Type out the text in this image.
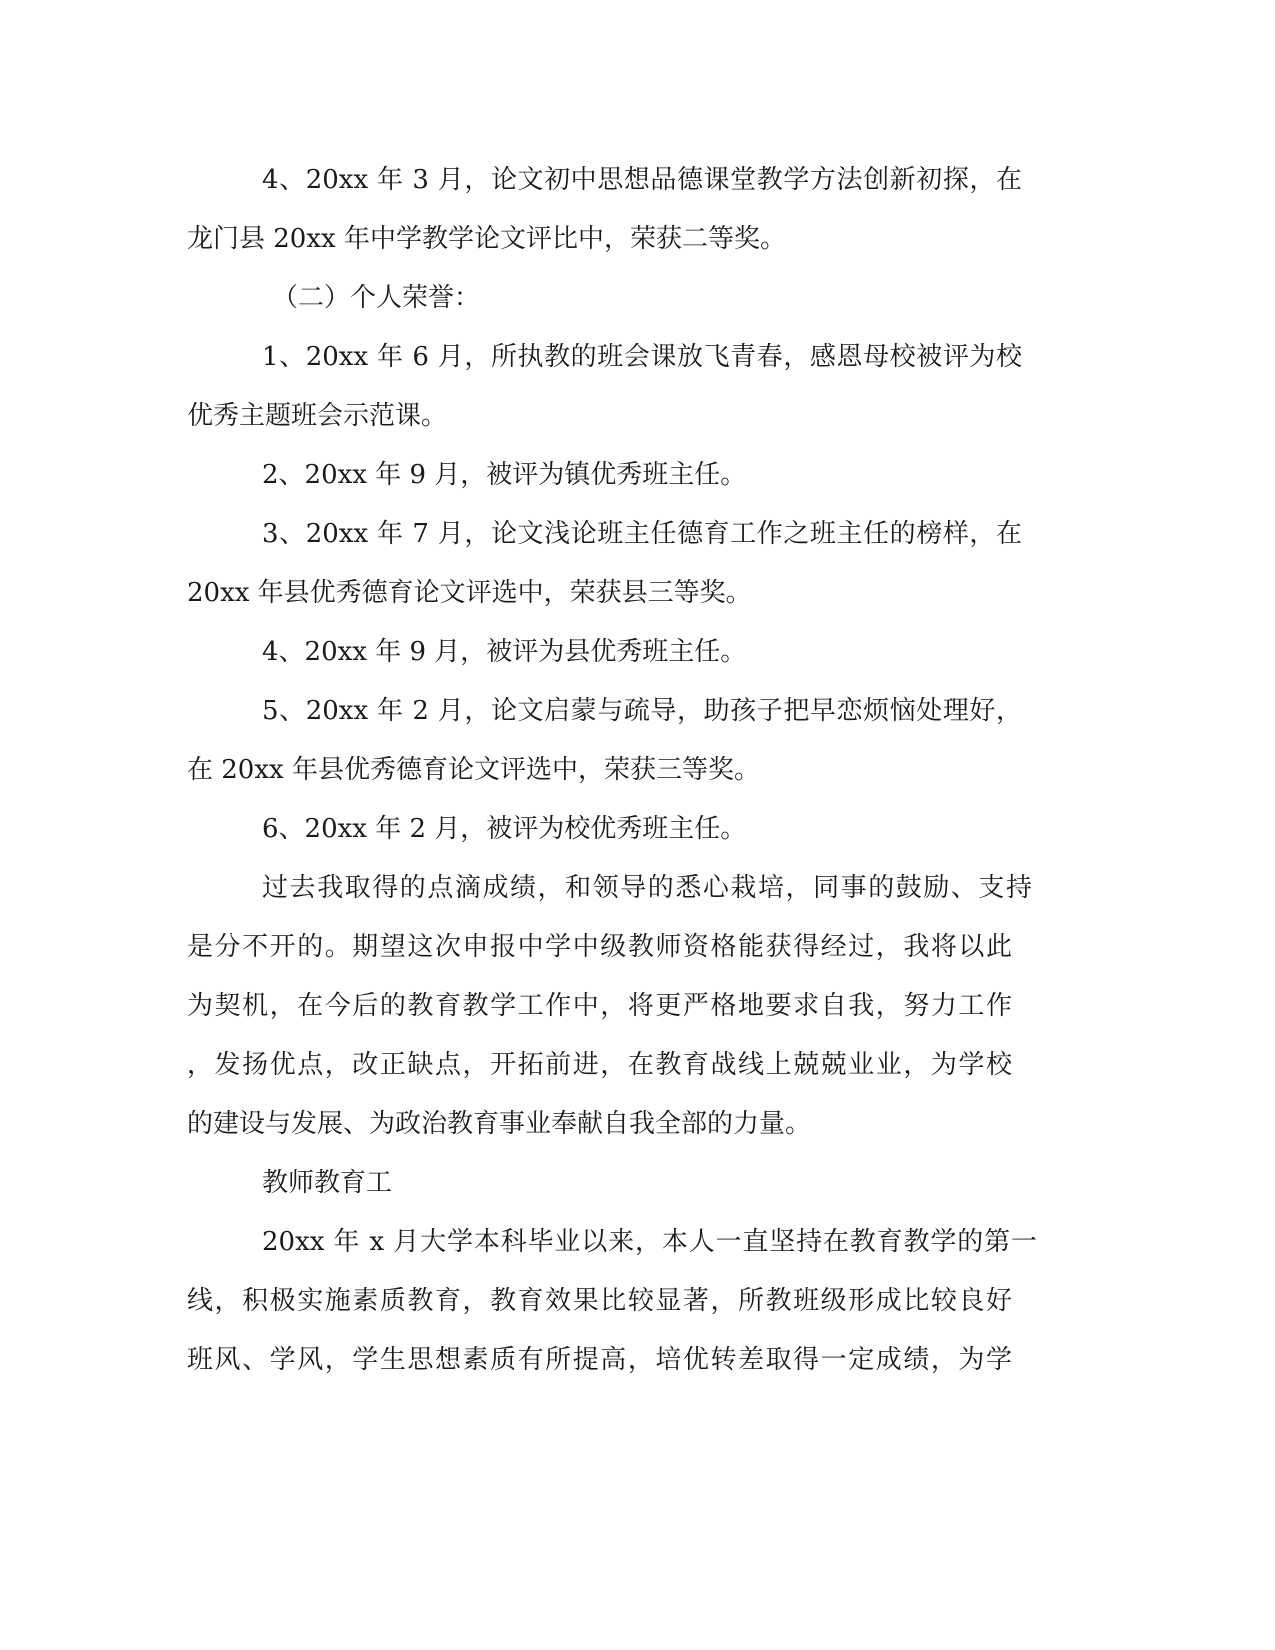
4、20xx 年 3 月，论文初中思想品德课堂教学方法创新初探，在
龙门县 20xx 年中学教学论文评比中，荣获二等奖。
（二）个人荣誉：
1、20xx 年 6 月，所执教的班会课放飞青春，感恩母校被评为校
优秀主题班会示范课。
2、20xx 年 9 月，被评为镇优秀班主任。
3、20xx 年 7 月，论文浅论班主任德育工作之班主任的榜样，在
20xx 年县优秀德育论文评选中，荣获县三等奖。
4、20xx 年 9 月，被评为县优秀班主任。
5、20xx 年 2 月，论文启蒙与疏导，助孩子把早恋烦恼处理好，
在 20xx 年县优秀德育论文评选中，荣获三等奖。
6、20xx 年 2 月，被评为校优秀班主任。
过去我取得的点滴成绩，和领导的悉心栽培，同事的鼓励、支持
是分不开的。期望这次申报中学中级教师资格能获得经过，我将以此
为契机，在今后的教育教学工作中，将更严格地要求自我，努力工作
，发扬优点，改正缺点，开拓前进，在教育战线上兢兢业业，为学校
的建设与发展、为政治教育事业奉献自我全部的力量。
教师教育工
20xx 年 x 月大学本科毕业以来，本人一直坚持在教育教学的第一
线，积极实施素质教育，教育效果比较显著，所教班级形成比较良好
班风、学风，学生思想素质有所提高，培优转差取得一定成绩，为学
